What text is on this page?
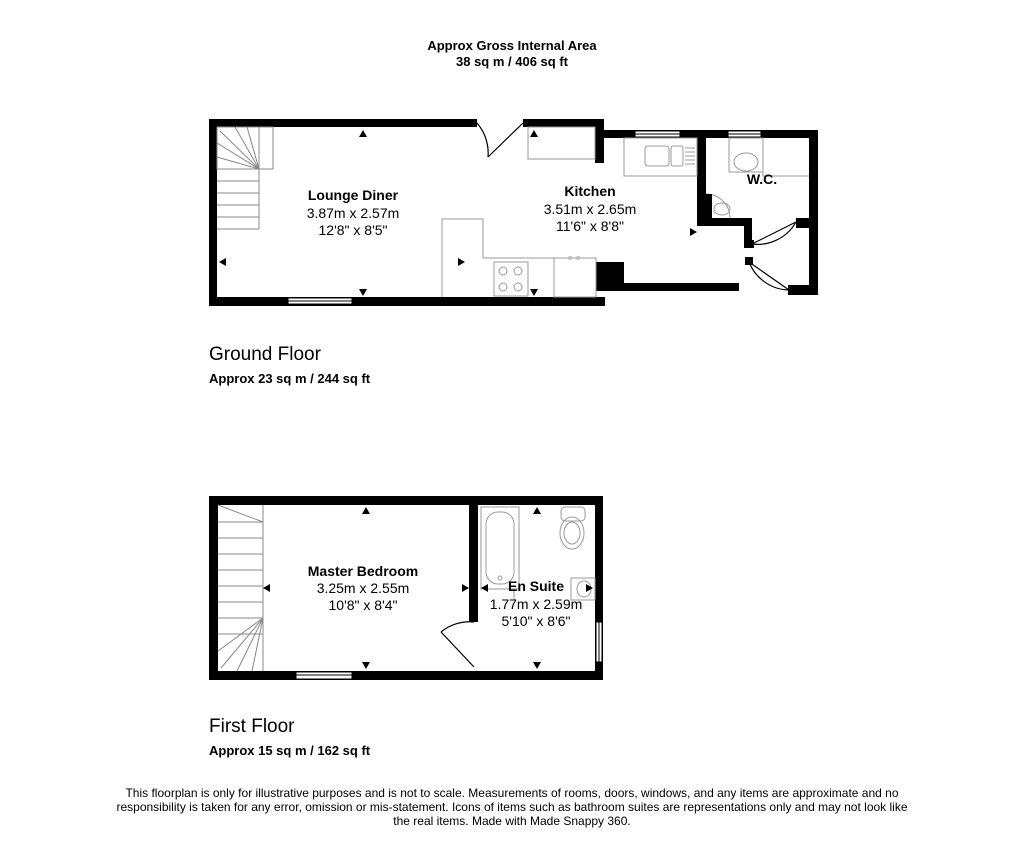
Approx Gross Internal Area
38 sq m / 406 sq ft
Lounge Diner
3.87m x 2.57m
12'8" x 8'5"
Kitchen
3.51m x 2.65m
11'6" x 8'8"
W.C.
Master Bedroom
3.25m x 2.55m
10'8" x 8'4"
En Suite
1.77m x 2.59m
5'10" x 8'6"
Ground Floor
Approx 23 sq m / 244 sq ft
First Floor
Approx 15 sq m / 162 sq ft
This floorplan is only for illustrative purposes and is not to scale. Measurements of rooms, doors, windows, and any items are approximate and no responsibility is taken for any error, omission or mis-statement. Icons of items such as bathroom suites are representations only and may not look like the real items. Made with Made Snappy 360.
